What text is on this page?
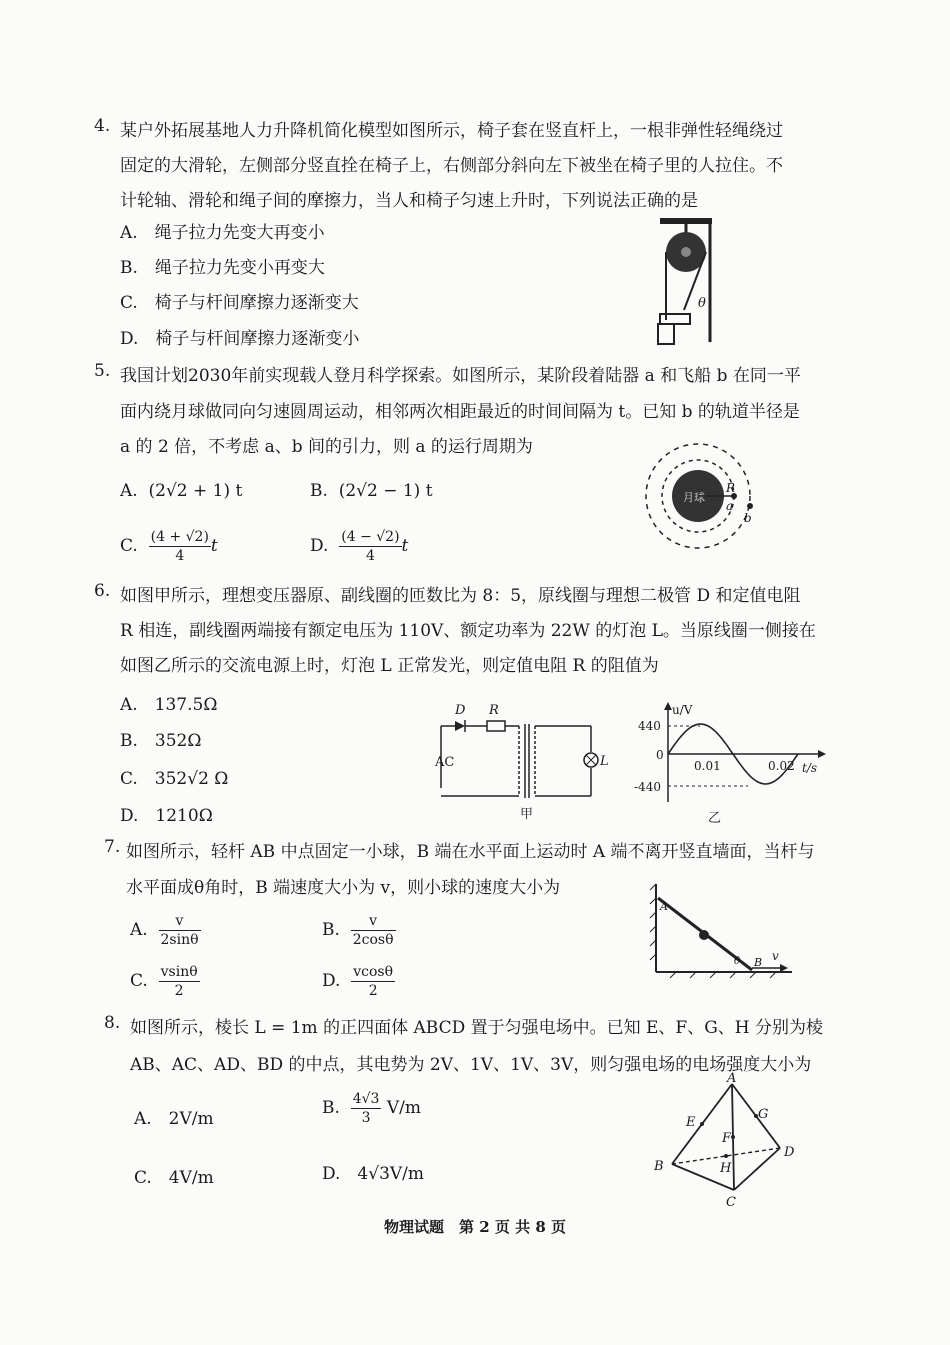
4. 某户外拓展基地人力升降机简化模型如图所示，椅子套在竖直杆上，一根非弹性轻绳绕过
固定的大滑轮，左侧部分竖直拴在椅子上，右侧部分斜向左下被坐在椅子里的人拉住。不
计轮轴、滑轮和绳子间的摩擦力，当人和椅子匀速上升时，下列说法正确的是
A.　绳子拉力先变大再变小
B.　绳子拉力先变小再变大
C.　椅子与杆间摩擦力逐渐变大
D.　椅子与杆间摩擦力逐渐变小
θ
5. 我国计划2030年前实现载人登月科学探索。如图所示，某阶段着陆器 a 和飞船 b 在同一平
面内绕月球做同向匀速圆周运动，相邻两次相距最近的时间间隔为 t。已知 b 的轨道半径是
a 的 2 倍，不考虑 a、b 间的引力，则 a 的运行周期为
A. (2√2 + 1) t	B. (2√2 − 1) t
C. $\frac{(4 + √2)}{4}$ t	D. $\frac{(4 - √2)}{4}$ t
月球
a
b
R
6. 如图甲所示，理想变压器原、副线圈的匝数比为 8：5，原线圈与理想二极管 D 和定值电阻
R 相连，副线圈两端接有额定电压为 110V、额定功率为 22W 的灯泡 L。当原线圈一侧接在
如图乙所示的交流电源上时，灯泡 L 正常发光，则定值电阻 R 的阻值为
A.　137.5Ω
B.　352Ω
C.　352√2 Ω
D.　1210Ω
D R
AC	L
甲
u/V
440
0
-440
0.01	0.02 t/s
乙
7. 如图所示，轻杆 AB 中点固定一小球，B 端在水平面上运动时 A 端不离开竖直墙面，当杆与
水平面成θ角时，B 端速度大小为 v，则小球的速度大小为
A. $\frac{v}{2\sin\theta}$	B. $\frac{v}{2\cos\theta}$
C. $\frac{vsin\theta}{2}$	D. $\frac{vcos\theta}{2}$
A
B
θ	v
8. 如图所示，棱长 L = 1m 的正四面体 ABCD 置于匀强电场中。已知 E、F、G、H 分别为棱
AB、AC、AD、BD 的中点，其电势为 2V、1V、1V、3V，则匀强电场的电场强度大小为
A.　2V/m
B. $\frac{4√3}{3} V/m$
C.　4V/m	D.　4√3V/m
A
B
C
D
E
F
G
H
物理试题　第 2 页 共 8 页
